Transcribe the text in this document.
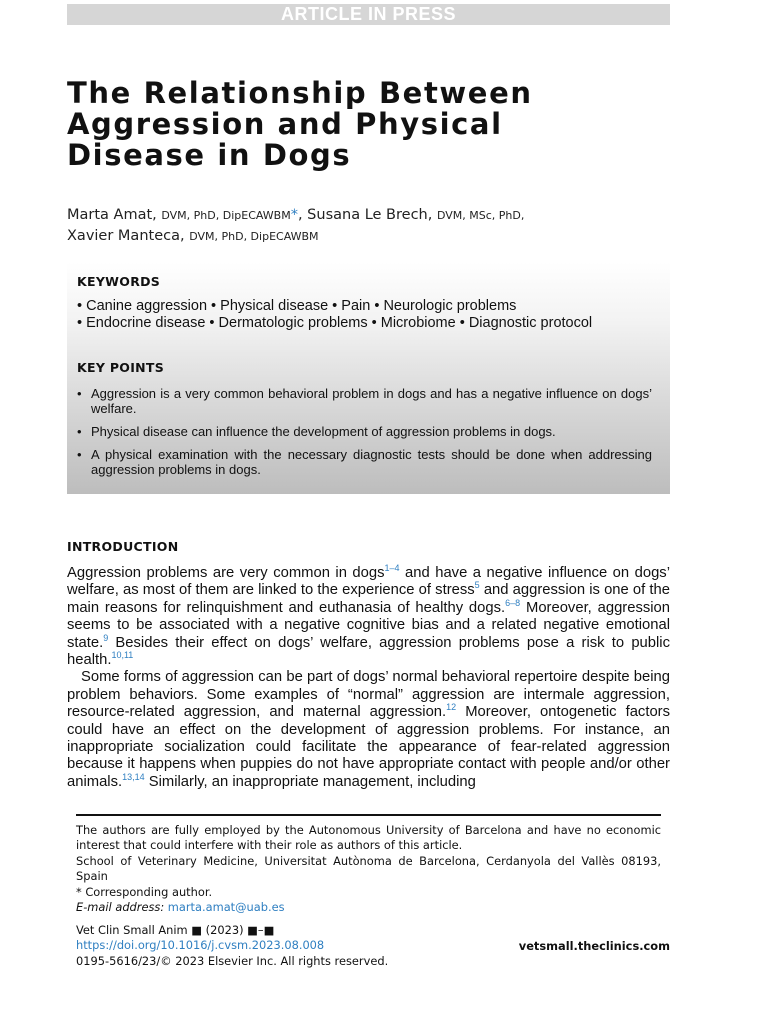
ARTICLE IN PRESS
The Relationship Between
Aggression and Physical
Disease in Dogs
Marta Amat, DVM, PhD, DipECAWBM*, Susana Le Brech, DVM, MSc, PhD,
Xavier Manteca, DVM, PhD, DipECAWBM
KEYWORDS
• Canine aggression • Physical disease • Pain • Neurologic problems
• Endocrine disease • Dermatologic problems • Microbiome • Diagnostic protocol
KEY POINTS
• Aggression is a very common behavioral problem in dogs and has a negative influence on dogs’ welfare.
• Physical disease can influence the development of aggression problems in dogs.
• A physical examination with the necessary diagnostic tests should be done when addressing aggression problems in dogs.
INTRODUCTION

Aggression problems are very common in dogs$^{1-4}$ and have a negative influence on dogs’ welfare, as most of them are linked to the experience of stress$^5$ and aggression is one of the main reasons for relinquishment and euthanasia of healthy dogs.$^{6-8}$ Moreover, aggression seems to be associated with a negative cognitive bias and a related negative emotional state.$^9$ Besides their effect on dogs’ welfare, aggression problems pose a risk to public health.$^{10,11}$

Some forms of aggression can be part of dogs’ normal behavioral repertoire despite being problem behaviors. Some examples of “normal” aggression are intermale aggression, resource-related aggression, and maternal aggression.$^{12}$ Moreover, ontogenetic factors could have an effect on the development of aggression problems. For instance, an inappropriate socialization could facilitate the appearance of fear-related aggression because it happens when puppies do not have appropriate contact with people and/or other animals.$^{13,14}$ Similarly, an inappropriate management, including

The authors are fully employed by the Autonomous University of Barcelona and have no economic interest that could interfere with their role as authors of this article.

School of Veterinary Medicine, Universitat Autònoma de Barcelona, Cerdanyola del Vallès 08193, Spain

* Corresponding author.

E-mail address: marta.amat@uab.es

Vet Clin Small Anim ■ (2023) ■–■
https://doi.org/10.1016/j.cvsm.2023.08.008
0195-5616/23/© 2023 Elsevier Inc. All rights reserved.
vetsmall.theclinics.com
